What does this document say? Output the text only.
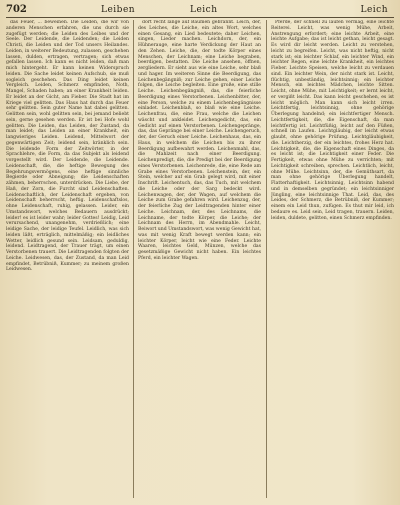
702	Leiben	Leich	Leich

das Feuer, ... beweinen. Die Leiden, die wir von anderen Menschen erfahren, die uns durch sie zugefügt werden; die Leiden des Leibes und der Seele. Der Leidende, die Leidenden; die Leiden Christi, die Leiden und der Tod unsers Heilandes. Leiden, in weiterer Bedeutung, zulassen, geschehen lassen, dulden, ertragen, vertragen; sich etwas gefallen lassen. Ich kann es nicht leiden, daß man mich hintergeht. Er kann keinen Widerspruch leiden. Die Sache leidet keinen Aufschub, sie muß sogleich geschehen. Das Ding leidet keinen Vergleich. Leiden, Schmerz empfinden, Noth, Mangel, Schaden haben; an einer Krankheit leiden. Er leidet an der Gicht, am Fieber. Die Stadt hat im Kriege viel gelitten. Das Haus hat durch das Feuer sehr gelitten. Sein guter Name hat dabei gelitten. Gelitten sein, wohl gelitten sein, bei jemand beliebt sein, gerne gesehen werden. Er ist bei Hofe wohl gelitten. Die Leiden, das Leiden, der Zustand, da man leidet; das Leiden an einer Krankheit, ein langwieriges Leiden. Leidend, Mittelwort der gegenwärtigen Zeit; leidend sein, kränklich sein. Die leidende Form der Zeitwörter, in der Sprachlehre, die Form, da das Subjekt als leidend vorgestellt wird. Der Leidende, die Leidende. Leidenschaft, die, die heftige Bewegung des Begehrungsvermögens, eine heftige sinnliche Begierde oder Abneigung; die Leidenschaften zähmen, beherrschen, unterdrücken. Die Liebe, der Haß, der Zorn, die Furcht sind Leidenschaften. Leidenschaftlich, der Leidenschaft ergeben, von Leidenschaft beherrscht, heftig. Leidenschaftslos, ohne Leidenschaft, ruhig, gelassen. Leider, ein Umstandswort, welches Bedauern ausdrückt; leider! es ist leider wahr; leider Gottes! Leidig, Leid verursachend, unangenehm, verdrießlich; eine leidige Sache, der leidige Teufel. Leidlich, was sich leiden läßt, erträglich, mittelmäßig; ein leidliches Wetter, leidlich gesund sein. Leidsam, geduldig, leidend. Leidtragend, der Trauer trägt, um einen Verstorbenen trauert. Die Leidtragenden folgten der Leiche. Leidwesen, das, der Zustand, da man Leid empfindet, Betrübniß, Kummer; zu meinem großen Leidwesen.

dort recht lange auf Bäumen gebrannt. Leich, der, des Leiches, die Leiche, ein altes Wort, welches einen Gesang, ein Lied bedeutete; daher Leichen, singen, Lieder machen. Leichdorn, der, ein Hühnerauge, eine harte Verdickung der Haut an den Zehen. Leiche, die, der todte Körper eines Menschen, der Leichnam; eine Leiche begraben, beerdigen, bestatten. Die Leiche ansehen, öffnen, zergliedern. Er sieht aus wie eine Leiche, sehr blaß und hager. Im weiteren Sinne die Beerdigung, das Leichenbegängniß; zur Leiche gehen, einer Leiche folgen, die Leiche begleiten. Eine große, eine stille Leiche. Leichenbegängniß, das, die feierliche Beerdigung eines Verstorbenen. Leichenbitter, der, eine Person, welche zu einem Leichenbegängnisse einladet. Leichenblaß, so blaß wie eine Leiche. Leichenfrau, die, eine Frau, welche die Leichen wäscht und ankleidet. Leichengedicht, das, ein Gedicht auf einen Verstorbenen. Leichengepränge, das, das Gepränge bei einer Leiche. Leichengeruch, der, der Geruch einer Leiche. Leichenhaus, das, ein Haus, in welchem die Leichen bis zu ihrer Beerdigung aufbewahrt werden. Leichenmahl, das, die Mahlzeit nach einer Beerdigung. Leichenpredigt, die, die Predigt bei der Beerdigung eines Verstorbenen. Leichenrede, die, eine Rede am Grabe eines Verstorbenen. Leichenstein, der, ein Stein, welcher auf ein Grab gelegt wird, mit einer Inschrift. Leichentuch, das, das Tuch, mit welchem die Leiche oder der Sarg bedeckt wird. Leichenwagen, der, der Wagen, auf welchem die Leiche zum Grabe gefahren wird. Leichenzug, der, der feierliche Zug der Leidtragenden hinter einer Leiche. Leichnam, der, des Leichnams, die Leichname, der todte Körper, die Leiche; der Leichnam des Herrn, im Abendmahle. Leicht, Beiwort und Umstandswort, was wenig Gewicht hat, was mit wenig Kraft bewegt werden kann; ein leichter Körper, leicht wie eine Feder. Leichte Waaren, leichtes Geld, Münzen, welche das gesetzmäßige Gewicht nicht haben. Ein leichtes Pferd, ein leichter Wagen.

Pferde, der schnell zu laufen vermag, eine leichte Reiterei. Leicht, was wenig Mühe, Arbeit, Anstrengung erfordert; eine leichte Arbeit, eine leichte Aufgabe; das ist leicht gethan, leicht gesagt. Es wird dir leicht werden. Leicht zu verstehen, leicht zu begreifen. Leicht, was nicht heftig, nicht stark ist; ein leichter Schlaf, ein leichter Wind, ein leichter Regen, eine leichte Krankheit, ein leichtes Fieber. Leichte Speisen, welche leicht zu verdauen sind. Ein leichter Wein, der nicht stark ist. Leicht, flüchtig, unbeständig, leichtsinnig; ein leichter Mensch, ein leichtes Mädchen, leichte Sitten. Leicht, ohne Mühe, mit Leichtigkeit; er lernt leicht, er vergißt leicht. Das kann leicht geschehen, es ist leicht möglich. Man kann sich leicht irren. Leichtfertig, leichtsinnig, ohne gehörige Überlegung handelnd; ein leichtfertiger Mensch. Leichtfertigkeit, die, die Eigenschaft, da man leichtfertig ist. Leichtfüßig, leicht auf den Füßen, schnell im Laufen. Leichtgläubig, der leicht etwas glaubt, ohne gehörige Prüfung. Leichtgläubigkeit, die. Leichtherzig, der ein leichtes, frohes Herz hat. Leichtigkeit, die, die Eigenschaft eines Dinges, da es leicht ist; die Leichtigkeit einer Feder. Die Fertigkeit, etwas ohne Mühe zu verrichten; mit Leichtigkeit schreiben, sprechen. Leichtlich, leicht, ohne Mühe. Leichtsinn, der, die Gemüthsart, da man ohne gehörige Überlegung handelt, Flatterhaftigkeit. Leichtsinnig, Leichtsinn habend und in demselben gegründet; ein leichtsinniger Jüngling, eine leichtsinnige That. Leid, das, des Leides, der Schmerz, die Betrübniß, der Kummer; einem ein Leid thun, zufügen. Es thut mir leid, ich bedaure es. Leid sein, Leid tragen, trauern. Leiden, leiden, duldete, gelitten, einen Schmerz empfinden.
